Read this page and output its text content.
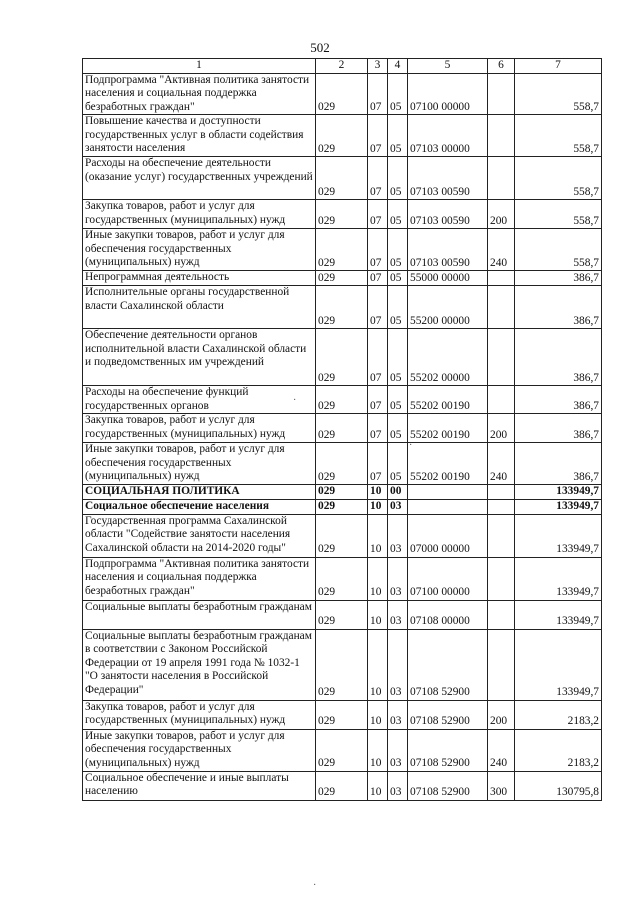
502
1	2	3	4	5	6	7
Подпрограмма "Активная политика занятости населения и социальная поддержка безработных граждан"	029	07	05	07100 00000		558,7
Повышение качества и доступности государственных услуг в области содействия занятости населения	029	07	05	07103 00000		558,7
Расходы на обеспечение деятельности (оказание услуг) государственных учреждений	029	07	05	07103 00590		558,7
Закупка товаров, работ и услуг для государственных (муниципальных) нужд	029	07	05	07103 00590	200	558,7
Иные закупки товаров, работ и услуг для обеспечения государственных (муниципальных) нужд	029	07	05	07103 00590	240	558,7
Непрограммная деятельность	029	07	05	55000 00000		386,7
Исполнительные органы государственной власти Сахалинской области	029	07	05	55200 00000		386,7
Обеспечение деятельности органов исполнительной власти Сахалинской области и подведомственных им учреждений	029	07	05	55202 00000		386,7
Расходы на обеспечение функций государственных органов	029	07	05	55202 00190		386,7
Закупка товаров, работ и услуг для государственных (муниципальных) нужд	029	07	05	55202 00190	200	386,7
Иные закупки товаров, работ и услуг для обеспечения государственных (муниципальных) нужд	029	07	05	55202 00190	240	386,7
СОЦИАЛЬНАЯ ПОЛИТИКА	029	10	00			133949,7
Социальное обеспечение населения	029	10	03			133949,7
Государственная программа Сахалинской области "Содействие занятости населения Сахалинской области на 2014-2020 годы"	029	10	03	07000 00000		133949,7
Подпрограмма "Активная политика занятости населения и социальная поддержка безработных граждан"	029	10	03	07100 00000		133949,7
Социальные выплаты безработным гражданам	029	10	03	07108 00000		133949,7
Социальные выплаты безработным гражданам в соответствии с Законом Российской Федерации от 19 апреля 1991 года № 1032-1 "О занятости населения в Российской Федерации"	029	10	03	07108 52900		133949,7
Закупка товаров, работ и услуг для государственных (муниципальных) нужд	029	10	03	07108 52900	200	2183,2
Иные закупки товаров, работ и услуг для обеспечения государственных (муниципальных) нужд	029	10	03	07108 52900	240	2183,2
Социальное обеспечение и иные выплаты населению	029	10	03	07108 52900	300	130795,8
·
·
·
